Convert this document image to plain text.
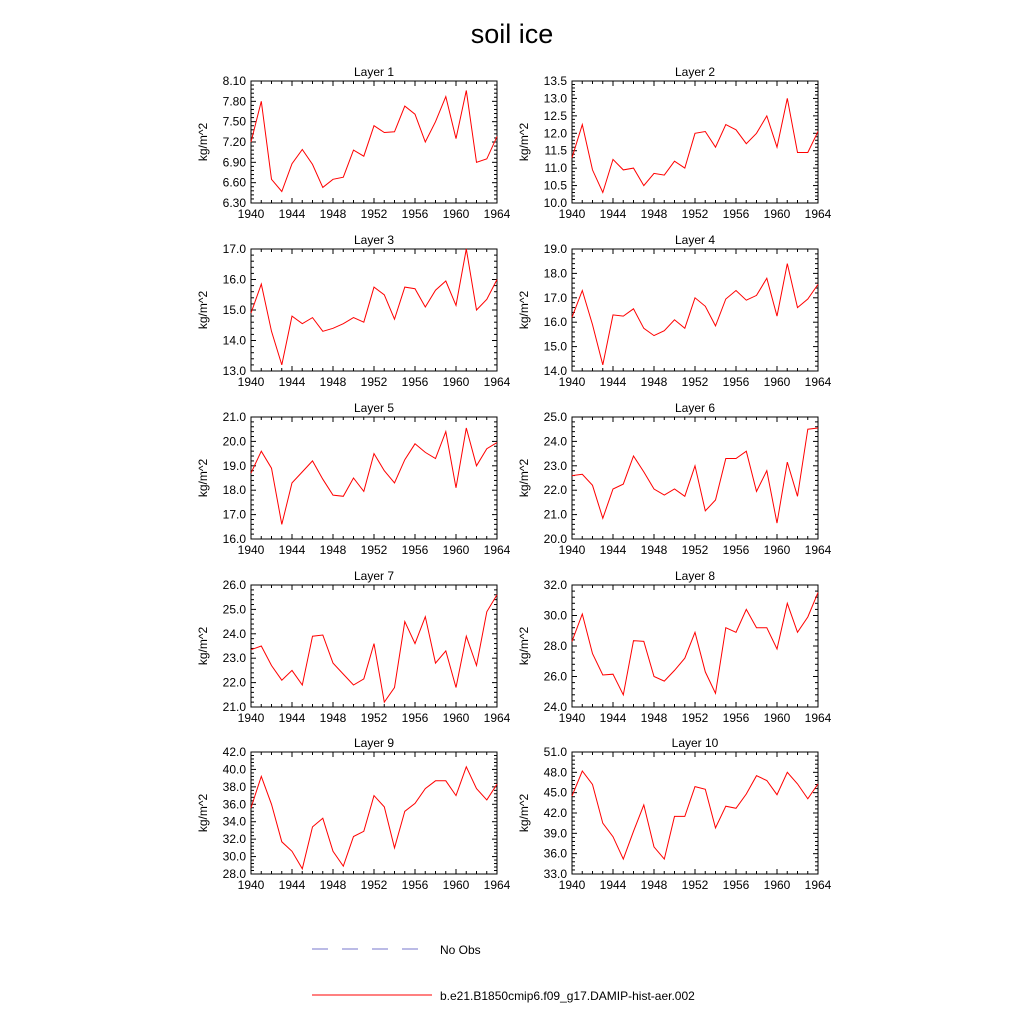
soil ice
Layer 1
kg/m^2
1940 1944 1948 1952 1956 1960 1964
6.30
6.60
6.90
7.20
7.50
7.80
8.10
Layer 2
kg/m^2
1940 1944 1948 1952 1956 1960 1964
10.0
10.5
11.0
11.5
12.0
12.5
13.0
13.5
Layer 3
kg/m^2
1940 1944 1948 1952 1956 1960 1964
13.0
14.0
15.0
16.0
17.0
Layer 4
kg/m^2
1940 1944 1948 1952 1956 1960 1964
14.0
15.0
16.0
17.0
18.0
19.0
Layer 5
kg/m^2
1940 1944 1948 1952 1956 1960 1964
16.0
17.0
18.0
19.0
20.0
21.0
Layer 6
kg/m^2
1940 1944 1948 1952 1956 1960 1964
20.0
21.0
22.0
23.0
24.0
25.0
Layer 7
kg/m^2
1940 1944 1948 1952 1956 1960 1964
21.0
22.0
23.0
24.0
25.0
26.0
Layer 8
kg/m^2
1940 1944 1948 1952 1956 1960 1964
24.0
26.0
28.0
30.0
32.0
Layer 9
kg/m^2
1940 1944 1948 1952 1956 1960 1964
28.0
30.0
32.0
34.0
36.0
38.0
40.0
42.0
Layer 10
kg/m^2
1940 1944 1948 1952 1956 1960 1964
33.0
36.0
39.0
42.0
45.0
48.0
51.0
No Obs
b.e21.B1850cmip6.f09_g17.DAMIP-hist-aer.002
